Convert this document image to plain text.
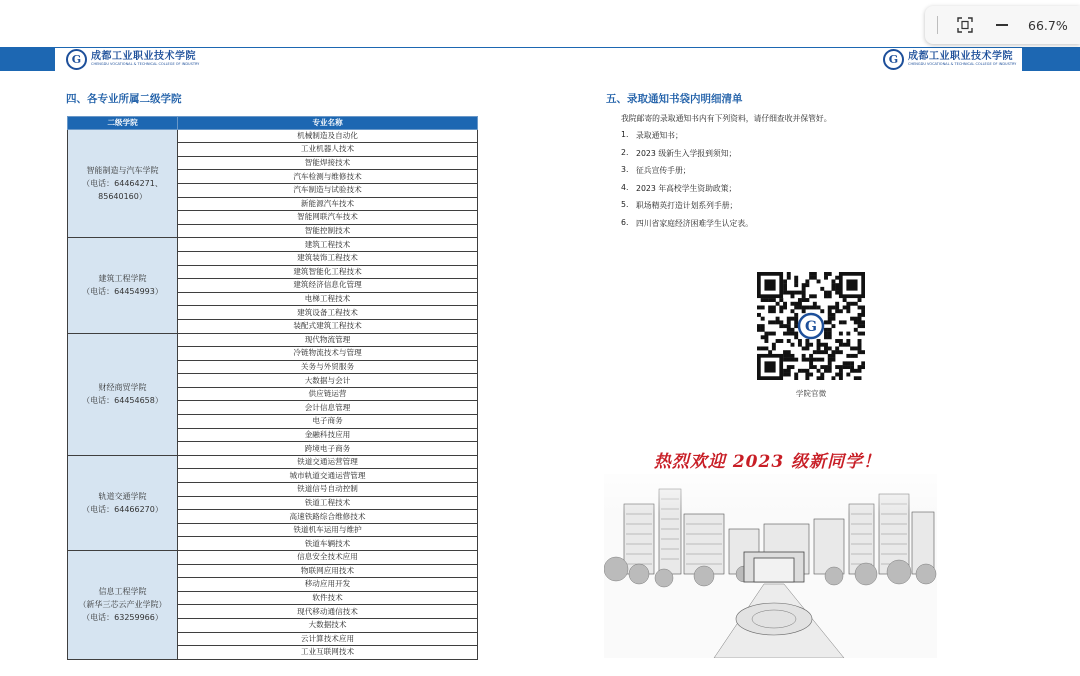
G 成都工业职业技术学院
CHENGDU VOCATIONAL & TECHNICAL COLLEGE OF INDUSTRY
四、各专业所属二级学院
二级学院	专业名称
智能制造与汽车学院
（电话：64464271、
85640160）	机械制造及自动化
	工业机器人技术
	智能焊接技术
	汽车检测与维修技术
	汽车制造与试验技术
	新能源汽车技术
	智能网联汽车技术
	智能控制技术
建筑工程学院
（电话：64454993）	建筑工程技术
	建筑装饰工程技术
	建筑智能化工程技术
	建筑经济信息化管理
	电梯工程技术
	建筑设备工程技术
	装配式建筑工程技术
财经商贸学院
（电话：64454658）	现代物流管理
	冷链物流技术与管理
	关务与外贸服务
	大数据与会计
	供应链运营
	会计信息管理
	电子商务
	金融科技应用
	跨境电子商务
轨道交通学院
（电话：64466270）	铁道交通运营管理
	城市轨道交通运营管理
	铁道信号自动控制
	铁道工程技术
	高速铁路综合维修技术
	铁道机车运用与维护
	铁道车辆技术
信息工程学院
（新华三芯云产业学院）
（电话：63259966）	信息安全技术应用
	物联网应用技术
	移动应用开发
	软件技术
	现代移动通信技术
	大数据技术
	云计算技术应用
	工业互联网技术
G 成都工业职业技术学院
CHENGDU VOCATIONAL & TECHNICAL COLLEGE OF INDUSTRY
五、录取通知书袋内明细清单
我院邮寄的录取通知书内有下列资料，请仔细查收并保管好。
1. 录取通知书；
2. 2023 级新生入学报到须知；
3. 征兵宣传手册；
4. 2023 年高校学生资助政策；
5. 职场精英打造计划系列手册；
6. 四川省家庭经济困难学生认定表。
G
学院官微
热烈欢迎 2023 级新同学！
66.7%
